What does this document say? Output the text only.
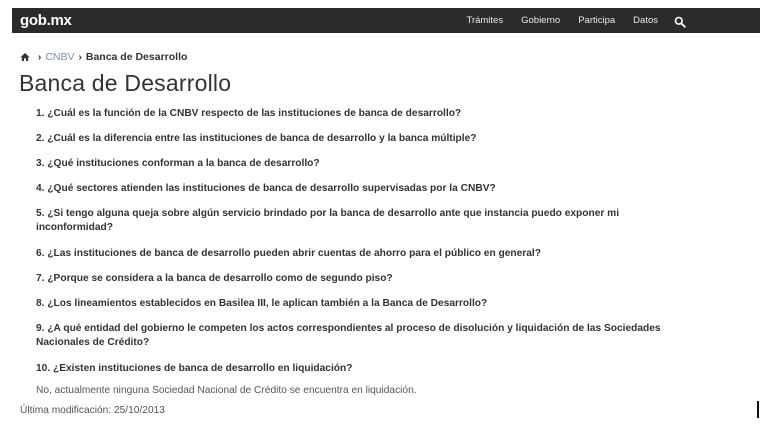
gob.mx	Trámites Gobierno Participa Datos
› CNBV › Banca de Desarrollo
Banca de Desarrollo
1. ¿Cuál es la función de la CNBV respecto de las instituciones de banca de desarrollo?
2. ¿Cuál es la diferencia entre las instituciones de banca de desarrollo y la banca múltiple?
3. ¿Qué instituciones conforman a la banca de desarrollo?
4. ¿Qué sectores atienden las instituciones de banca de desarrollo supervisadas por la CNBV?
5. ¿Si tengo alguna queja sobre algún servicio brindado por la banca de desarrollo ante que instancia puedo exponer mi inconformidad?
6. ¿Las instituciones de banca de desarrollo pueden abrir cuentas de ahorro para el público en general?
7. ¿Porque se considera a la banca de desarrollo como de segundo piso?
8. ¿Los lineamientos establecidos en Basilea III, le aplican también a la Banca de Desarrollo?
9. ¿A qué entidad del gobierno le competen los actos correspondientes al proceso de disolución y liquidación de las Sociedades Nacionales de Crédito?
10. ¿Existen instituciones de banca de desarrollo en liquidación?
No, actualmente ninguna Sociedad Nacional de Crédito se encuentra en liquidación.
Última modificación: 25/10/2013
